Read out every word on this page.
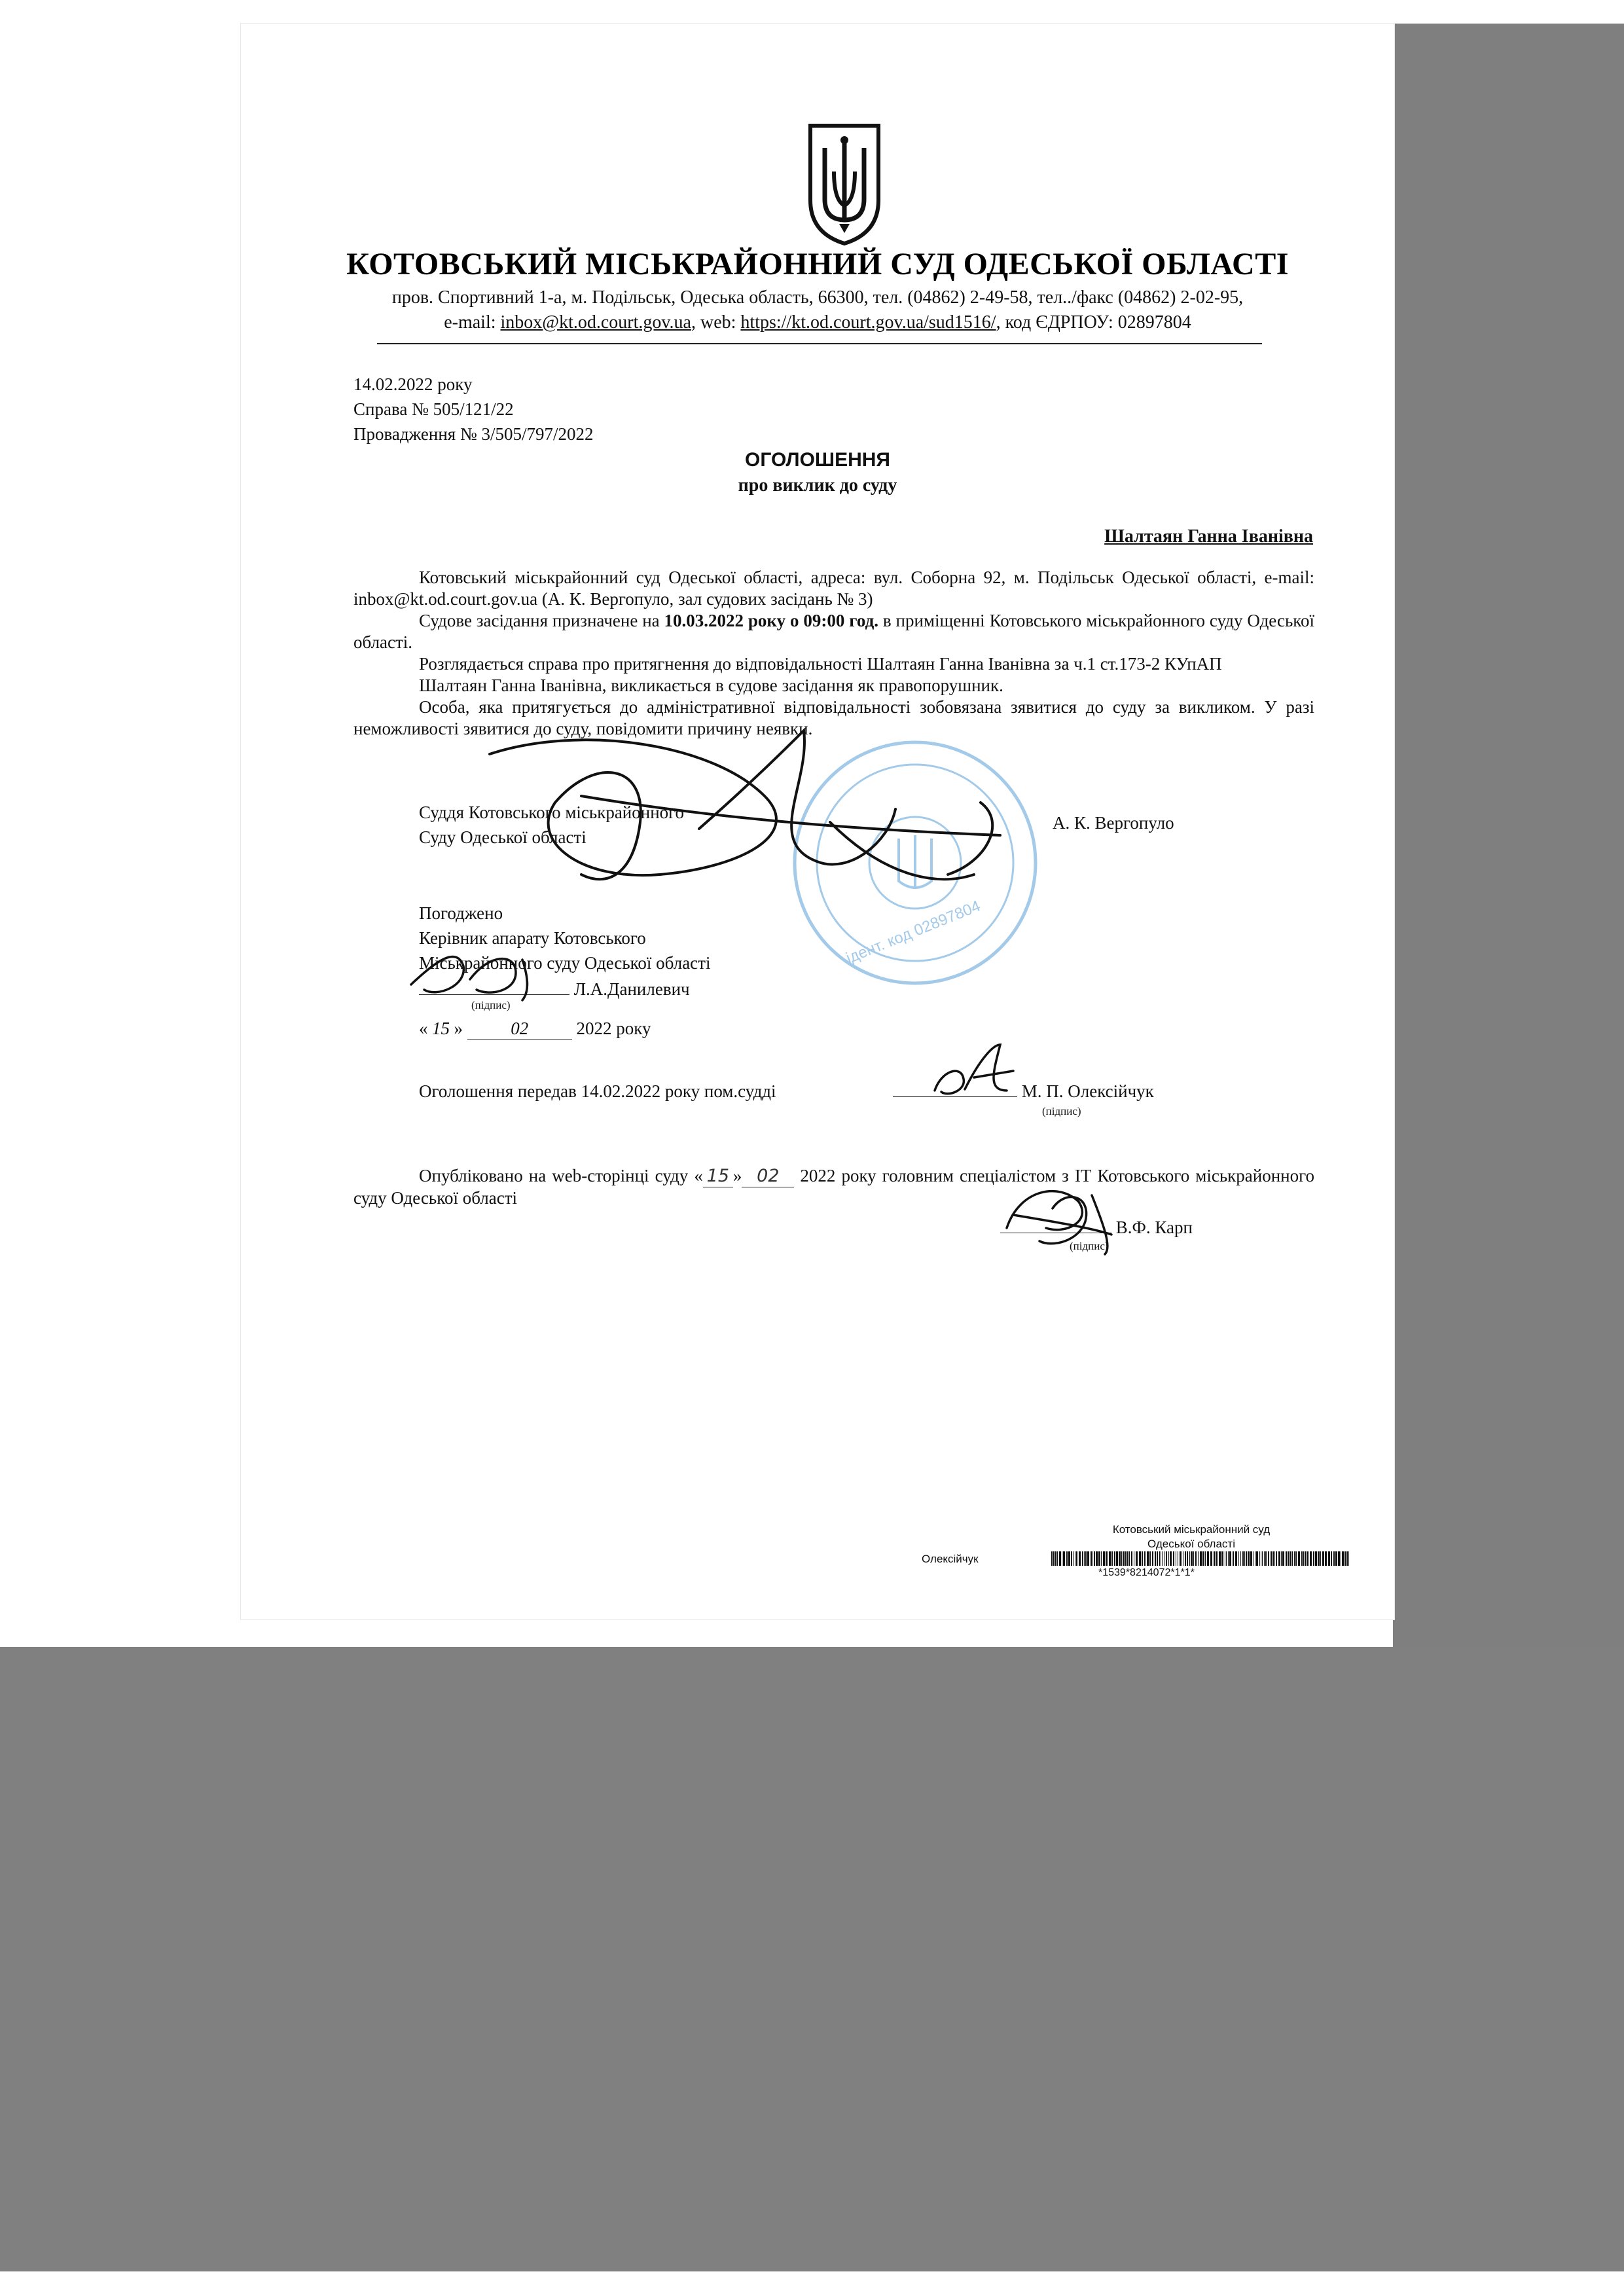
КОТОВСЬКИЙ МІСЬКРАЙОННИЙ СУД ОДЕСЬКОЇ ОБЛАСТІ
пров. Спортивний 1-а, м. Подільськ, Одеська область, 66300, тел. (04862) 2-49-58, тел../факс (04862) 2-02-95,
e-mail: inbox@kt.od.court.gov.ua, web: https://kt.od.court.gov.ua/sud1516/, код ЄДРПОУ: 02897804
14.02.2022 року
Справа № 505/121/22
Провадження № 3/505/797/2022
ОГОЛОШЕННЯ
про виклик до суду
Шалтаян Ганна Іванівна

Котовський міськрайонний суд Одеської області, адреса: вул. Соборна 92, м. Подільськ Одеської області, e-mail: inbox@kt.od.court.gov.ua (А. К. Вергопуло, зал судових засідань № 3)

Судове засідання призначене на 10.03.2022 року о 09:00 год. в приміщенні Котовського міськрайонного суду Одеської області.

Розглядається справа про притягнення до відповідальності Шалтаян Ганна Іванівна за ч.1 ст.173-2 КУпАП

Шалтаян Ганна Іванівна, викликається в судове засідання як правопорушник.

Особа, яка притягується до адміністративної відповідальності зобовязана зявитися до суду за викликом. У разі неможливості зявитися до суду, повідомити причину неявки.

Суддя Котовського міськрайонного
Суду Одеської області
А. К. Вергопуло
Погоджено
Керівник апарату Котовського
Міськрайонного суду Одеської області
Л.А.Данилевич
(підпис)
« 15 »	02	2022 року
Оголошення передав 14.02.2022 року пом.судді	М. П. Олексійчук
(підпис)
Опубліковано на web-сторінці суду « 15 » 02 2022 року головним спеціалістом з ІТ Котовського міськрайонного суду Одеської області
В.Ф. Карп
(підпис)
ідент. код 02897804
Котовський міськрайонний суд
Одеської області
Олексійчук
*1539*8214072*1*1*
